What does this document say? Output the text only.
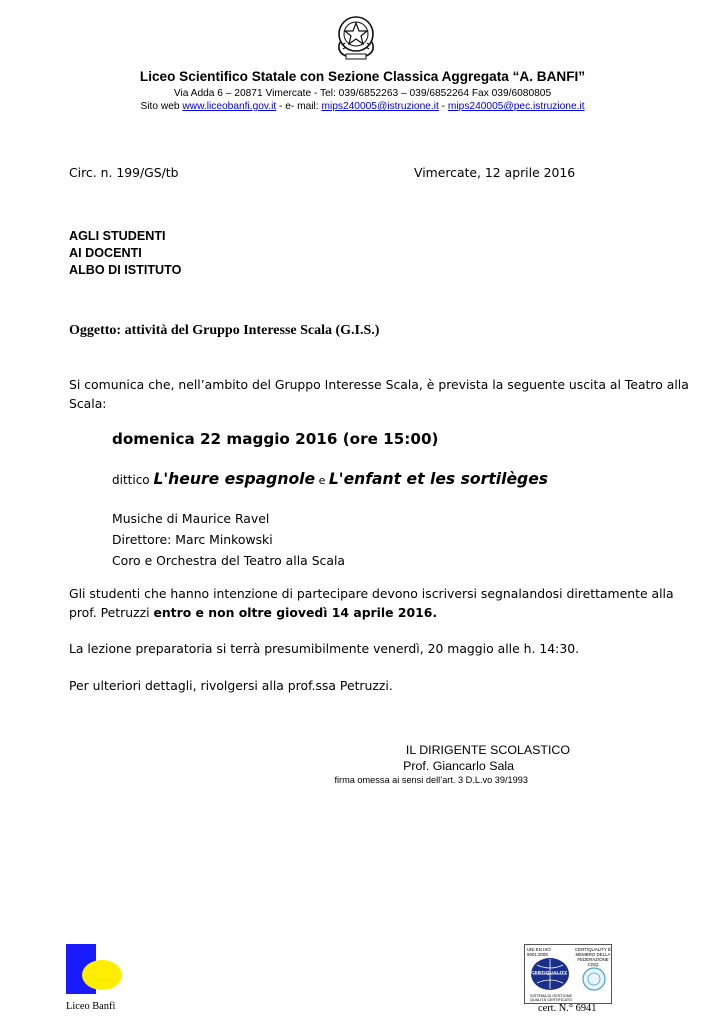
Liceo Scientifico Statale con Sezione Classica Aggregata “A. BANFI”
Via Adda 6 – 20871 Vimercate - Tel: 039/6852263 – 039/6852264 Fax 039/6080805
Sito web www.liceobanfi.gov.it - e- mail: mips240005@istruzione.it - mips240005@pec.istruzione.it
Circ. n. 199/GS/tb	Vimercate, 12 aprile 2016
AGLI STUDENTI
AI DOCENTI
ALBO DI ISTITUTO
Oggetto: attività del Gruppo Interesse Scala (G.I.S.)
Si comunica che, nell’ambito del Gruppo Interesse Scala, è prevista la seguente uscita al Teatro alla
Scala:
domenica 22 maggio 2016 (ore 15:00)
dittico L'heure espagnole e L'enfant et les sortilèges
Musiche di Maurice Ravel
Direttore: Marc Minkowski
Coro e Orchestra del Teatro alla Scala
Gli studenti che hanno intenzione di partecipare devono iscriversi segnalandosi direttamente alla
prof. Petruzzi entro e non oltre giovedì 14 aprile 2016.
La lezione preparatoria si terrà presumibilmente venerdì, 20 maggio alle h. 14:30.
Per ulteriori dettagli, rivolgersi alla prof.ssa Petruzzi.
IL DIRIGENTE SCOLASTICO
Prof. Giancarlo Sala
firma omessa ai sensi dell’art. 3 D.L.vo 39/1993
Liceo Banfi
UNI EN ISO 9001:2008
CERTIQUALITY È MEMBRO DELLA FEDERAZIONE CISQ
CERTIQUALITY
SISTEMA DI GESTIONE QUALITÀ CERTIFICATO
cert. N.° 6941
